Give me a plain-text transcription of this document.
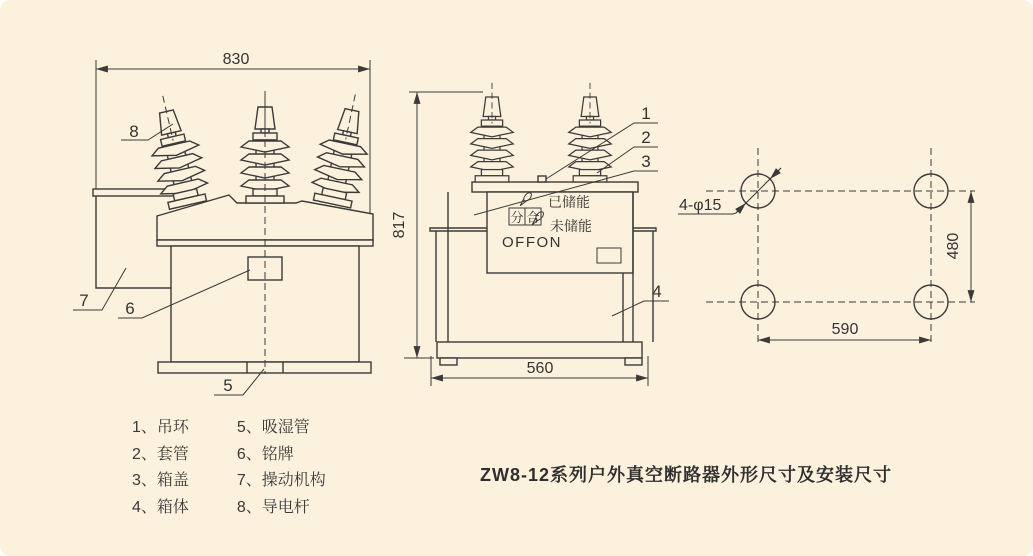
830
8
7 6
5
分 合
已储能
未储能
OFFON
817
560
1
2
3
4
4-φ15
480
590
1、吊环
2、套管
3、箱盖
4、箱体
5、吸湿管
6、铭牌
7、操动机构
8、导电杆
ZW8-12系列户外真空断路器外形尺寸及安装尺寸
